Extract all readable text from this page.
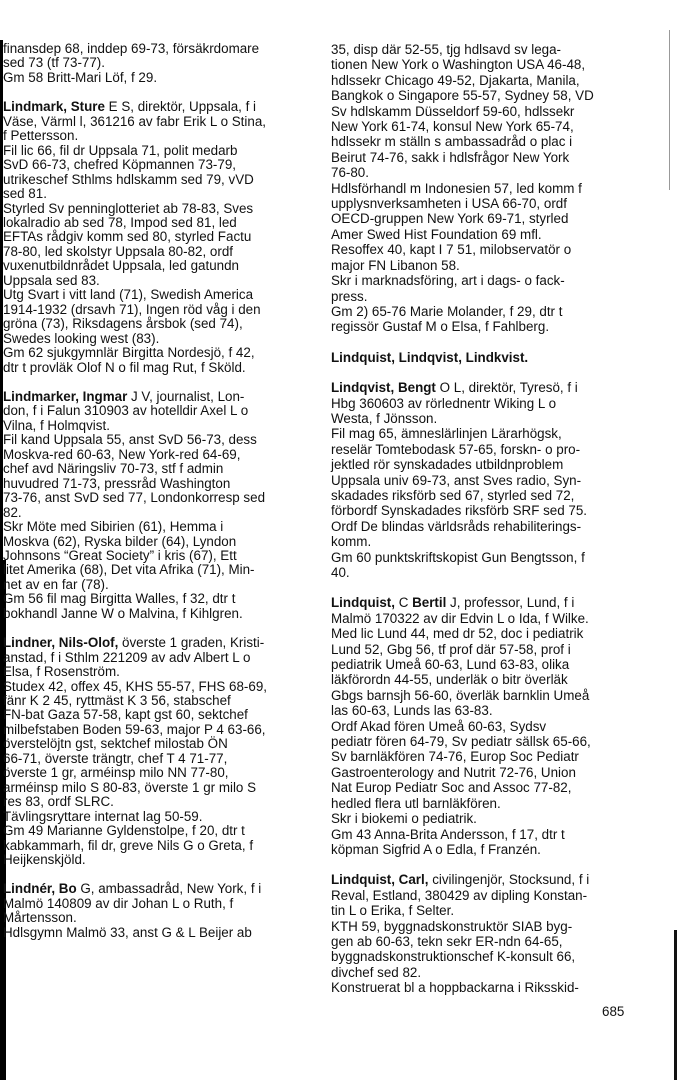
finansdep 68, inddep 69-73, försäkrdomare
sed 73 (tf 73-77).
Gm 58 Britt-Mari Löf, f 29.
Lindmark, Sture E S, direktör, Uppsala, f i
Väse, Värml l, 361216 av fabr Erik L o Stina,
f Pettersson.
Fil lic 66, fil dr Uppsala 71, polit medarb
SvD 66-73, chefred Köpmannen 73-79,
utrikeschef Sthlms hdlskamm sed 79, vVD
sed 81.
Styrled Sv penninglotteriet ab 78-83, Sves
lokalradio ab sed 78, Impod sed 81, led
EFTAs rådgiv komm sed 80, styrled Factu
78-80, led skolstyr Uppsala 80-82, ordf
vuxenutbildnrådet Uppsala, led gatundn
Uppsala sed 83.
Utg Svart i vitt land (71), Swedish America
1914-1932 (drsavh 71), Ingen röd våg i den
gröna (73), Riksdagens årsbok (sed 74),
Swedes looking west (83).
Gm 62 sjukgymnlär Birgitta Nordesjö, f 42,
dtr t provläk Olof N o fil mag Rut, f Sköld.
Lindmarker, Ingmar J V, journalist, Lon-
don, f i Falun 310903 av hotelldir Axel L o
Vilna, f Holmqvist.
Fil kand Uppsala 55, anst SvD 56-73, dess
Moskva-red 60-63, New York-red 64-69,
chef avd Näringsliv 70-73, stf f admin
huvudred 71-73, pressråd Washington
73-76, anst SvD sed 77, Londonkorresp sed
82.
Skr Möte med Sibirien (61), Hemma i
Moskva (62), Ryska bilder (64), Lyndon
Johnsons “Great Society” i kris (67), Ett
litet Amerika (68), Det vita Afrika (71), Min-
net av en far (78).
Gm 56 fil mag Birgitta Walles, f 32, dtr t
bokhandl Janne W o Malvina, f Kihlgren.
Lindner, Nils-Olof, överste 1 graden, Kristi-
anstad, f i Sthlm 221209 av adv Albert L o
Elsa, f Rosenström.
Studex 42, offex 45, KHS 55-57, FHS 68-69,
fänr K 2 45, ryttmäst K 3 56, stabschef
FN-bat Gaza 57-58, kapt gst 60, sektchef
milbefstaben Boden 59-63, major P 4 63-66,
överstelöjtn gst, sektchef milostab ÖN
66-71, överste trängtr, chef T 4 71-77,
överste 1 gr, arméinsp milo NN 77-80,
arméinsp milo S 80-83, överste 1 gr milo S
res 83, ordf SLRC.
Tävlingsryttare internat lag 50-59.
Gm 49 Marianne Gyldenstolpe, f 20, dtr t
kabkammarh, fil dr, greve Nils G o Greta, f
Heijkenskjöld.
Lindnér, Bo G, ambassadråd, New York, f i
Malmö 140809 av dir Johan L o Ruth, f
Mårtensson.
Hdlsgymn Malmö 33, anst G & L Beijer ab
35, disp där 52-55, tjg hdlsavd sv lega-
tionen New York o Washington USA 46-48,
hdlssekr Chicago 49-52, Djakarta, Manila,
Bangkok o Singapore 55-57, Sydney 58, VD
Sv hdlskamm Düsseldorf 59-60, hdlssekr
New York 61-74, konsul New York 65-74,
hdlssekr m ställn s ambassadråd o plac i
Beirut 74-76, sakk i hdlsfrågor New York
76-80.
Hdlsförhandl m Indonesien 57, led komm f
upplysnverksamheten i USA 66-70, ordf
OECD-gruppen New York 69-71, styrled
Amer Swed Hist Foundation 69 mfl.
Resoffex 40, kapt I 7 51, milobservatör o
major FN Libanon 58.
Skr i marknadsföring, art i dags- o fack-
press.
Gm 2) 65-76 Marie Molander, f 29, dtr t
regissör Gustaf M o Elsa, f Fahlberg.
Lindquist, Lindqvist, Lindkvist.
Lindqvist, Bengt O L, direktör, Tyresö, f i
Hbg 360603 av rörlednentr Wiking L o
Westa, f Jönsson.
Fil mag 65, ämneslärlinjen Lärarhögsk,
reselär Tomtebodask 57-65, forskn- o pro-
jektled rör synskadades utbildnproblem
Uppsala univ 69-73, anst Sves radio, Syn-
skadades riksförb sed 67, styrled sed 72,
förbordf Synskadades riksförb SRF sed 75.
Ordf De blindas världsråds rehabiliterings-
komm.
Gm 60 punktskriftskopist Gun Bengtsson, f
40.
Lindquist, C Bertil J, professor, Lund, f i
Malmö 170322 av dir Edvin L o Ida, f Wilke.
Med lic Lund 44, med dr 52, doc i pediatrik
Lund 52, Gbg 56, tf prof där 57-58, prof i
pediatrik Umeå 60-63, Lund 63-83, olika
läkförordn 44-55, underläk o bitr överläk
Gbgs barnsjh 56-60, överläk barnklin Umeå
las 60-63, Lunds las 63-83.
Ordf Akad fören Umeå 60-63, Sydsv
pediatr fören 64-79, Sv pediatr sällsk 65-66,
Sv barnläkfören 74-76, Europ Soc Pediatr
Gastroenterology and Nutrit 72-76, Union
Nat Europ Pediatr Soc and Assoc 77-82,
hedled flera utl barnläkfören.
Skr i biokemi o pediatrik.
Gm 43 Anna-Brita Andersson, f 17, dtr t
köpman Sigfrid A o Edla, f Franzén.
Lindquist, Carl, civilingenjör, Stocksund, f i
Reval, Estland, 380429 av dipling Konstan-
tin L o Erika, f Selter.
KTH 59, byggnadskonstruktör SIAB byg-
gen ab 60-63, tekn sekr ER-ndn 64-65,
byggnadskonstruktionschef K-konsult 66,
divchef sed 82.
Konstruerat bl a hoppbackarna i Riksskid-
685
